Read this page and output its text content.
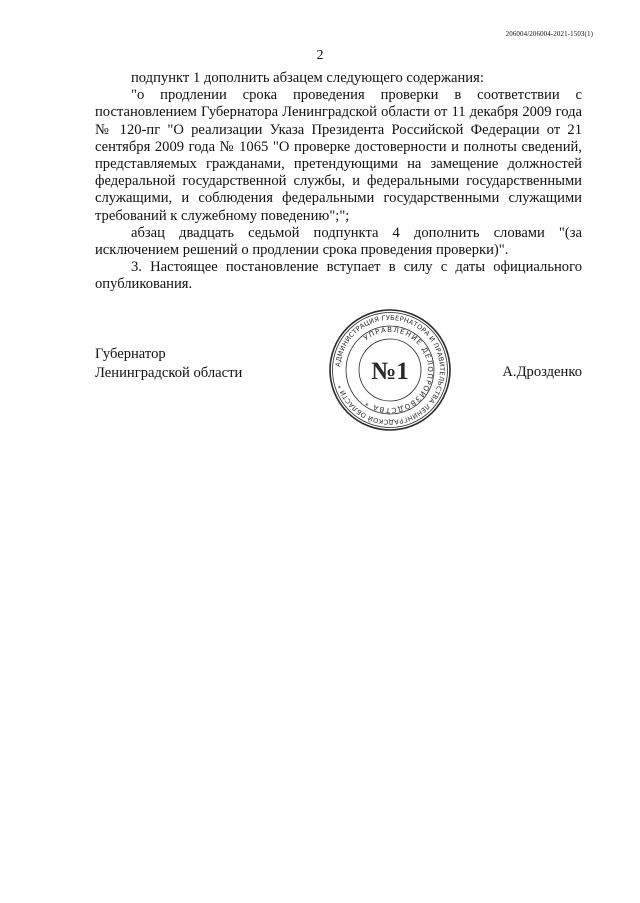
206004/206004-2021-1503(1)
2

подпункт 1 дополнить абзацем следующего содержания:

"о продлении срока проведения проверки в соответствии с постановлением Губернатора Ленинградской области от 11 декабря 2009 года № 120-пг "О реализации Указа Президента Российской Федерации от 21 сентября 2009 года № 1065 "О проверке достоверности и полноты сведений, представляемых гражданами, претендующими на замещение должностей федеральной государственной службы, и федеральными государственными служащими, и соблюдения федеральными государственными служащими требований к служебному поведению";";

абзац двадцать седьмой подпункта 4 дополнить словами "(за исключением решений о продлении срока проведения проверки)".

3. Настоящее постановление вступает в силу с даты официального опубликования.

Губернатор
Ленинградской области	А.Дрозденко
АДМИНИСТРАЦИЯ ГУБЕРНАТОРА И ПРАВИТЕЛЬСТВА ЛЕНИНГРАДСКОЙ ОБЛАСТИ *
УПРАВЛЕНИЕ ДЕЛОПРОИЗВОДСТВА *
№1
